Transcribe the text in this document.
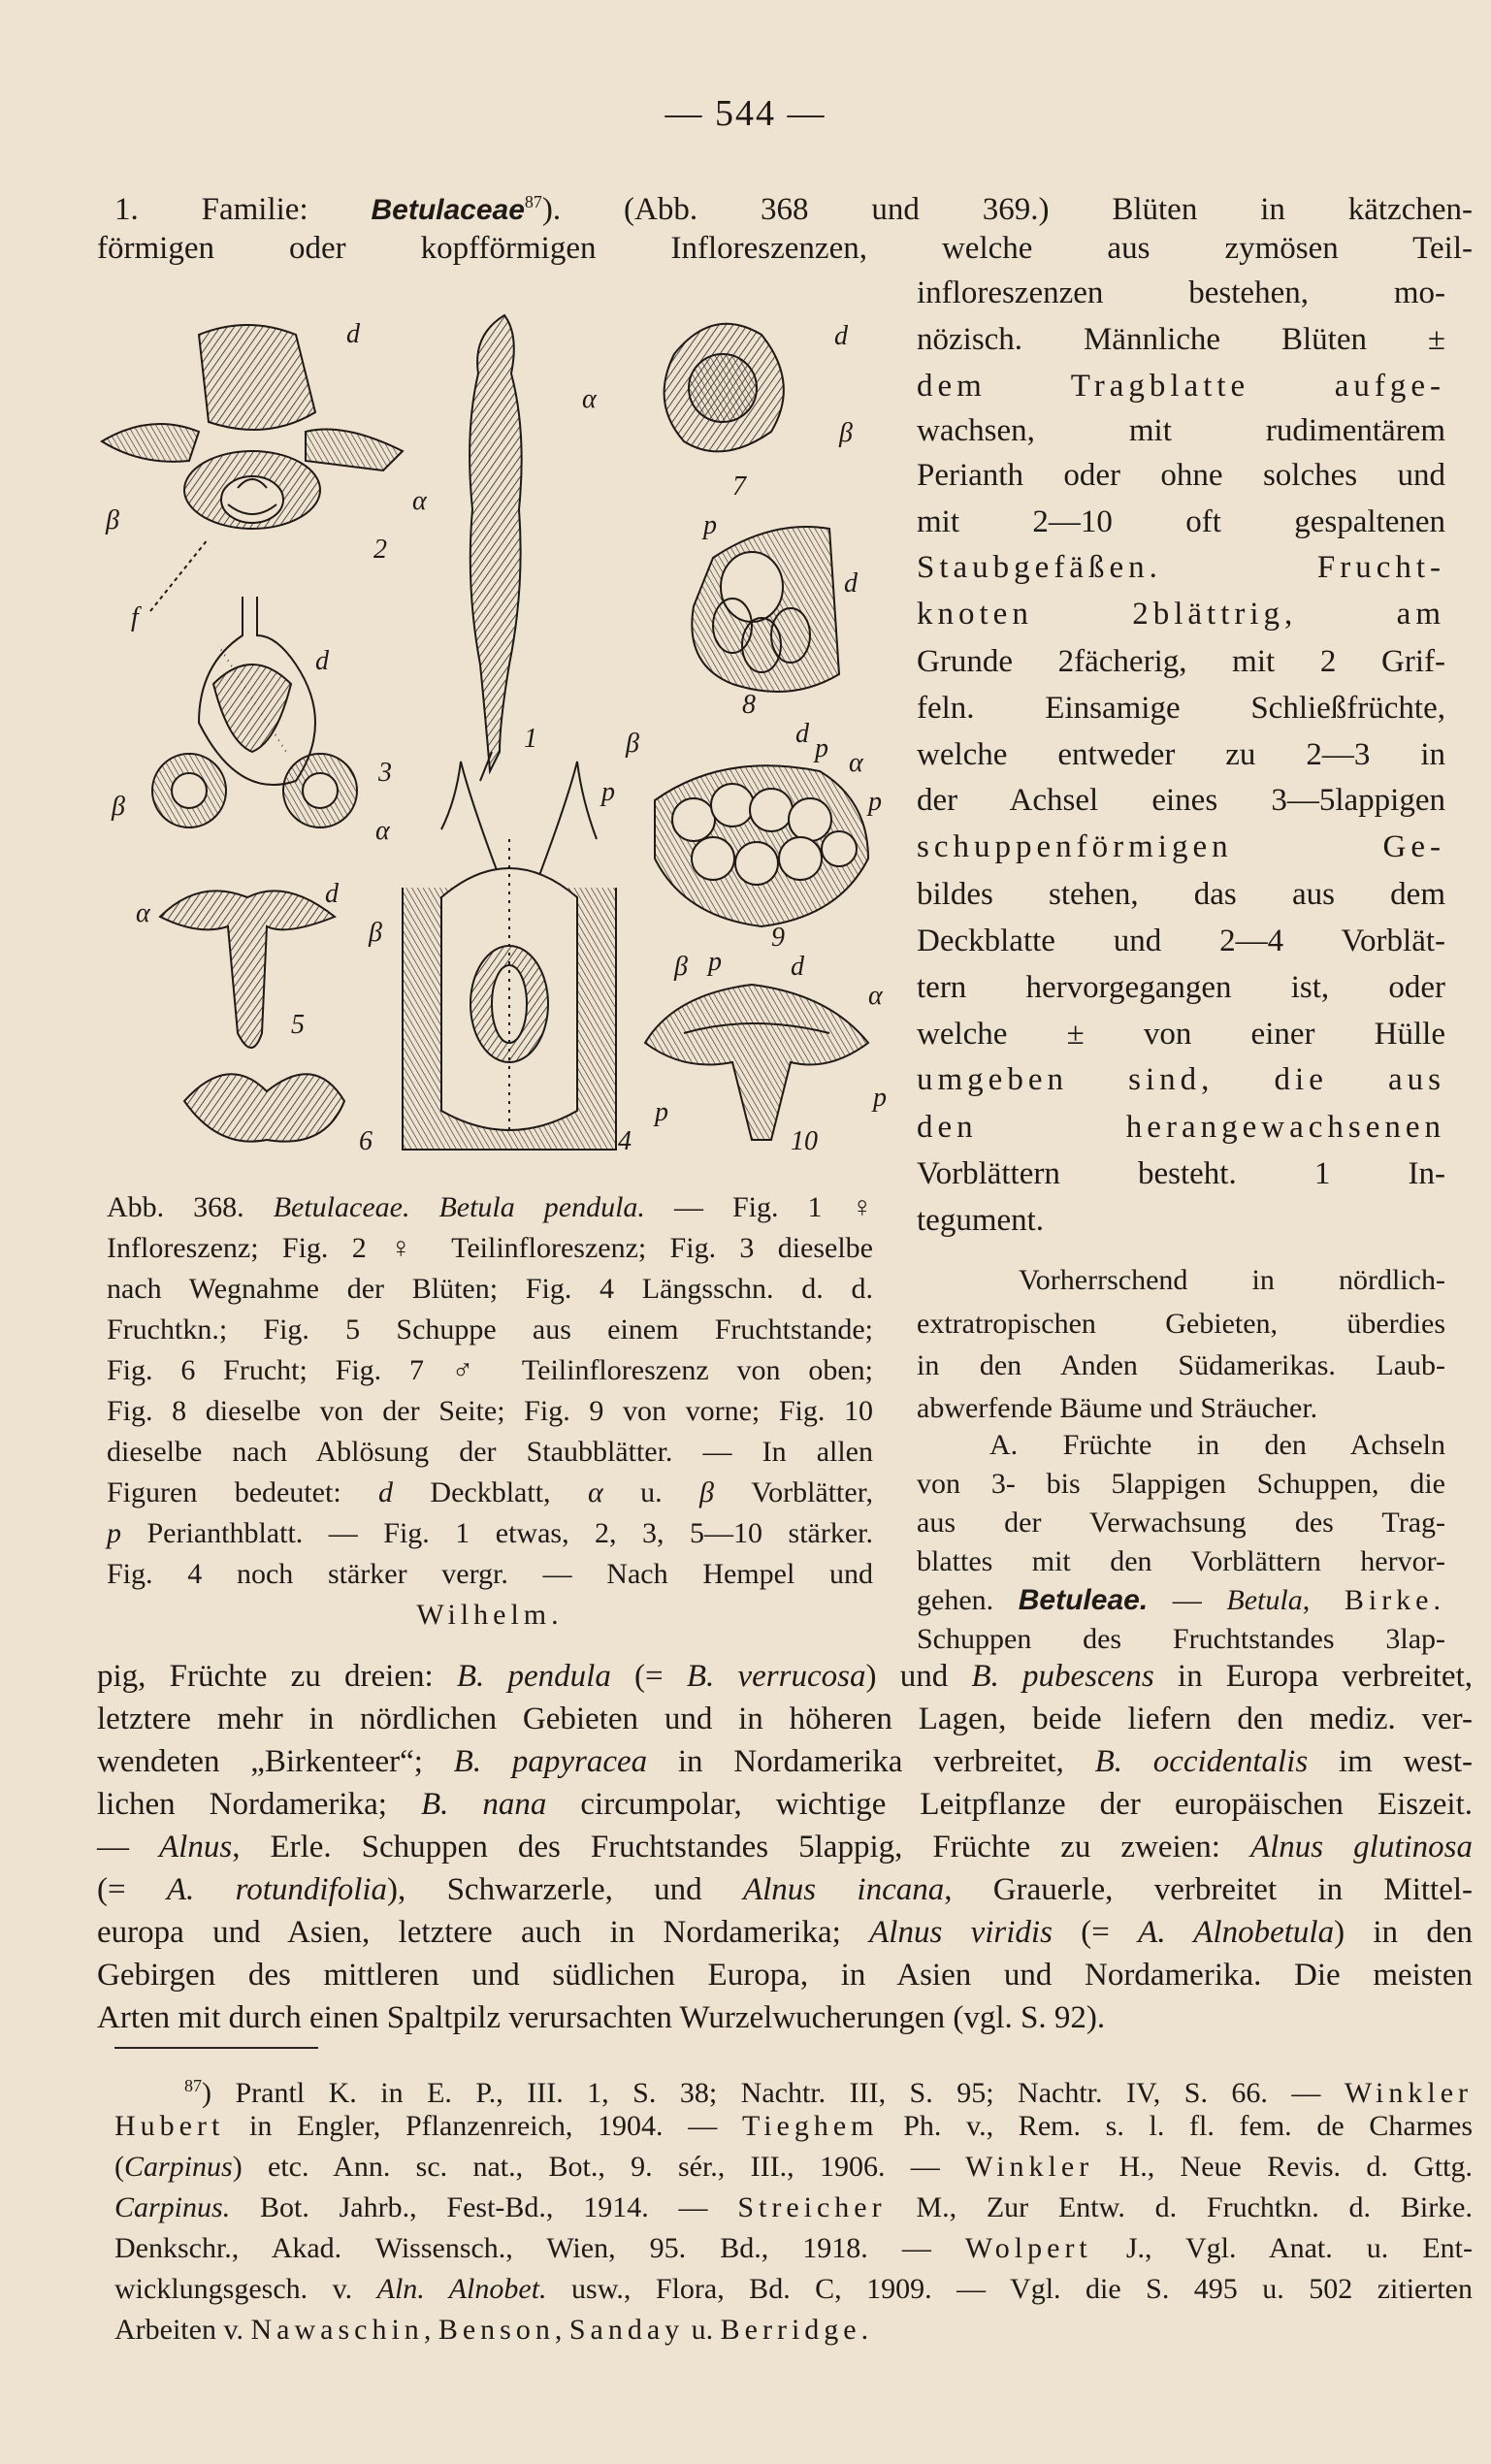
— 544 —
1. Familie: Betulaceae$^{87}$). (Abb. 368 und 369.) Blüten in kätzchen-
förmigen oder kopfförmigen Infloreszenzen, welche aus zymösen Teil-
d
α
β
2
f
d
3
β
α
d
α
β
5
6
1
d
α
β
7
p
d
8
d p
β
α
p	p
9
β p	d
α
p
p
10
4
infloreszenzen bestehen, mo-
nözisch. Männliche Blüten ±
dem Tragblatte aufge-
wachsen, mit rudimentärem
Perianth oder ohne solches und
mit 2—10 oft gespaltenen
Staubgefäßen. Frucht-
knoten 2blättrig, am
Grunde 2fächerig, mit 2 Grif-
feln. Einsamige Schließfrüchte,
welche entweder zu 2—3 in
der Achsel eines 3—5lappigen
schuppenförmigen Ge-
bildes stehen, das aus dem
Deckblatte und 2—4 Vorblät-
tern hervorgegangen ist, oder
welche ± von einer Hülle
umgeben sind, die aus
den herangewachsenen
Vorblättern besteht. 1 In-
tegument.
Vorherrschend in nördlich-
extratropischen Gebieten, überdies
in den Anden Südamerikas. Laub-
abwerfende Bäume und Sträucher.
A. Früchte in den Achseln
von 3- bis 5lappigen Schuppen, die
aus der Verwachsung des Trag-
blattes mit den Vorblättern hervor-
gehen. Betuleae. — Betula, Birke.
Schuppen des Fruchtstandes 3lap-
Abb. 368. Betulaceae. Betula pendula. — Fig. 1 ♀
Infloreszenz; Fig. 2 ♀ Teilinfloreszenz; Fig. 3 dieselbe
nach Wegnahme der Blüten; Fig. 4 Längsschn. d. d.
Fruchtkn.; Fig. 5 Schuppe aus einem Fruchtstande;
Fig. 6 Frucht; Fig. 7 ♂ Teilinfloreszenz von oben;
Fig. 8 dieselbe von der Seite; Fig. 9 von vorne; Fig. 10
dieselbe nach Ablösung der Staubblätter. — In allen
Figuren bedeutet: d Deckblatt, α u. β Vorblätter,
p Perianthblatt. — Fig. 1 etwas, 2, 3, 5—10 stärker.
Fig. 4 noch stärker vergr. — Nach Hempel und
Wilhelm.
pig, Früchte zu dreien: B. pendula (= B. verrucosa) und B. pubescens in Europa verbreitet,
letztere mehr in nördlichen Gebieten und in höheren Lagen, beide liefern den mediz. ver-
wendeten „Birkenteer“; B. papyracea in Nordamerika verbreitet, B. occidentalis im west-
lichen Nordamerika; B. nana circumpolar, wichtige Leitpflanze der europäischen Eiszeit.
— Alnus, Erle. Schuppen des Fruchtstandes 5lappig, Früchte zu zweien: Alnus glutinosa
(= A. rotundifolia), Schwarzerle, und Alnus incana, Grauerle, verbreitet in Mittel-
europa und Asien, letztere auch in Nordamerika; Alnus viridis (= A. Alnobetula) in den
Gebirgen des mittleren und südlichen Europa, in Asien und Nordamerika. Die meisten
Arten mit durch einen Spaltpilz verursachten Wurzelwucherungen (vgl. S. 92).
$^{87}$) Prantl K. in E. P., III. 1, S. 38; Nachtr. III, S. 95; Nachtr. IV, S. 66. — Winkler
Hubert in Engler, Pflanzenreich, 1904. — Tieghem Ph. v., Rem. s. l. fl. fem. de Charmes
(Carpinus) etc. Ann. sc. nat., Bot., 9. sér., III., 1906. — Winkler H., Neue Revis. d. Gttg.
Carpinus. Bot. Jahrb., Fest-Bd., 1914. — Streicher M., Zur Entw. d. Fruchtkn. d. Birke.
Denkschr., Akad. Wissensch., Wien, 95. Bd., 1918. — Wolpert J., Vgl. Anat. u. Ent-
wicklungsgesch. v. Aln. Alnobet. usw., Flora, Bd. C, 1909. — Vgl. die S. 495 u. 502 zitierten
Arbeiten v. Nawaschin, Benson, Sanday u. Berridge.
